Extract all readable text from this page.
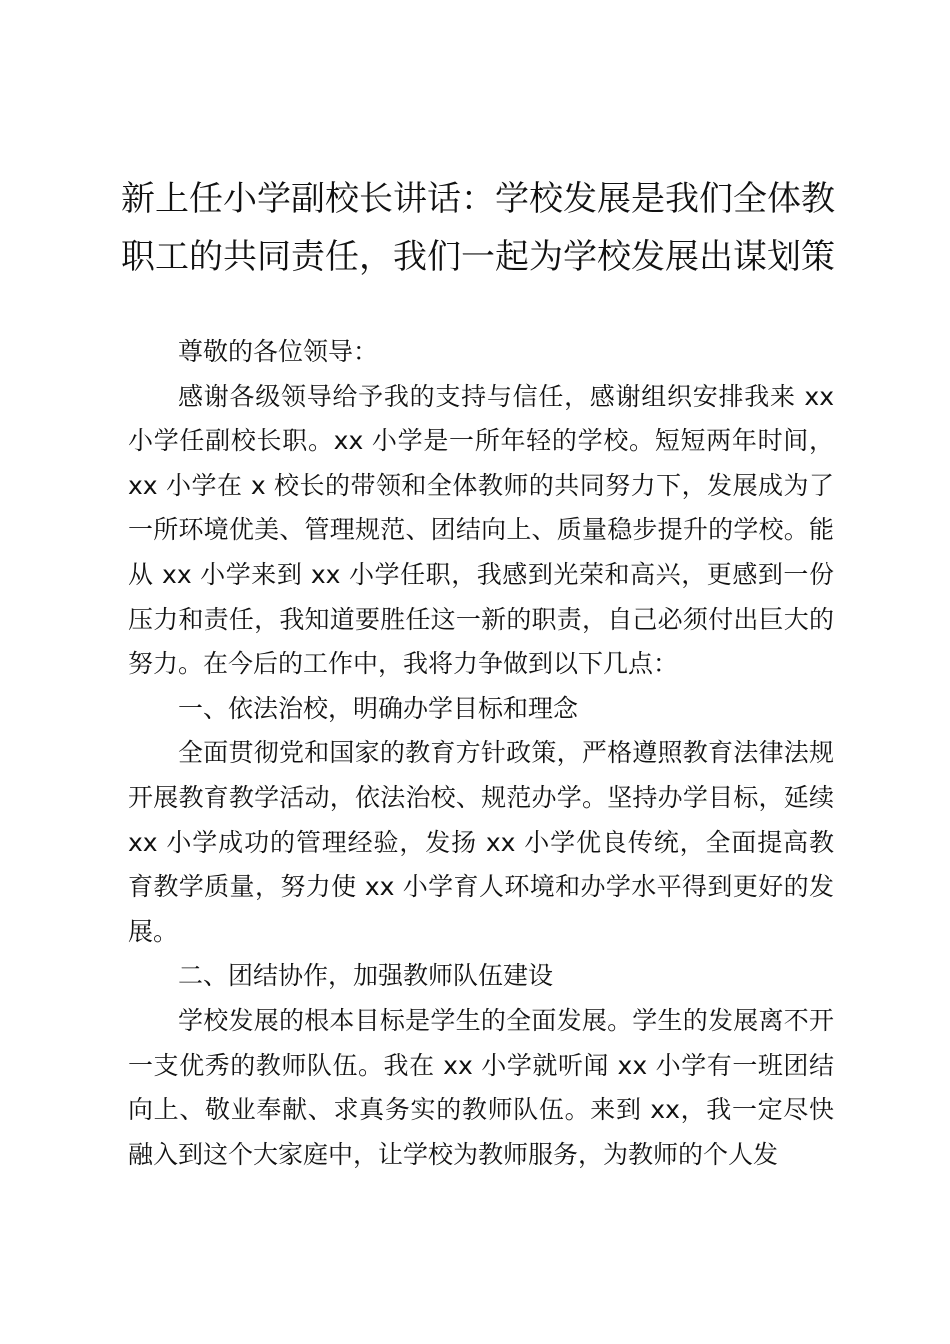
新上任小学副校长讲话：学校发展是我们全体教职工的共同责任，我们一起为学校发展出谋划策

尊敬的各位领导：

感谢各级领导给予我的支持与信任，感谢组织安排我来 xx 小学任副校长职。xx 小学是一所年轻的学校。短短两年时间，xx 小学在 x 校长的带领和全体教师的共同努力下，发展成为了一所环境优美、管理规范、团结向上、质量稳步提升的学校。能从 xx 小学来到 xx 小学任职，我感到光荣和高兴，更感到一份压力和责任，我知道要胜任这一新的职责，自己必须付出巨大的努力。在今后的工作中，我将力争做到以下几点：

一、依法治校，明确办学目标和理念

全面贯彻党和国家的教育方针政策，严格遵照教育法律法规开展教育教学活动，依法治校、规范办学。坚持办学目标，延续 xx 小学成功的管理经验，发扬 xx 小学优良传统，全面提高教育教学质量，努力使 xx 小学育人环境和办学水平得到更好的发展。

二、团结协作，加强教师队伍建设

学校发展的根本目标是学生的全面发展。学生的发展离不开一支优秀的教师队伍。我在 xx 小学就听闻 xx 小学有一班团结向上、敬业奉献、求真务实的教师队伍。来到 xx，我一定尽快融入到这个大家庭中，让学校为教师服务，为教师的个人发
